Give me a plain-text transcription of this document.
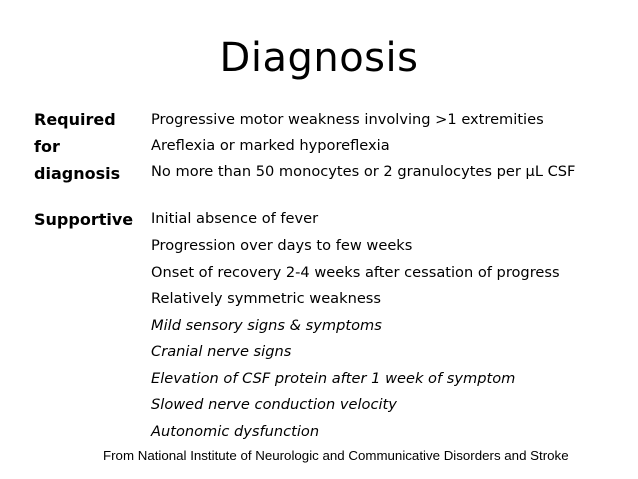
Diagnosis
Required
for
diagnosis
Progressive motor weakness involving >1 extremities
Areflexia or marked hyporeflexia
No more than 50 monocytes or 2 granulocytes per μL CSF
Supportive Initial absence of fever
Progression over days to few weeks
Onset of recovery 2-4 weeks after cessation of progress
Relatively symmetric weakness
Mild sensory signs & symptoms
Cranial nerve signs
Elevation of CSF protein after 1 week of symptom
Slowed nerve conduction velocity
Autonomic dysfunction
From National Institute of Neurologic and Communicative Disorders and Stroke
